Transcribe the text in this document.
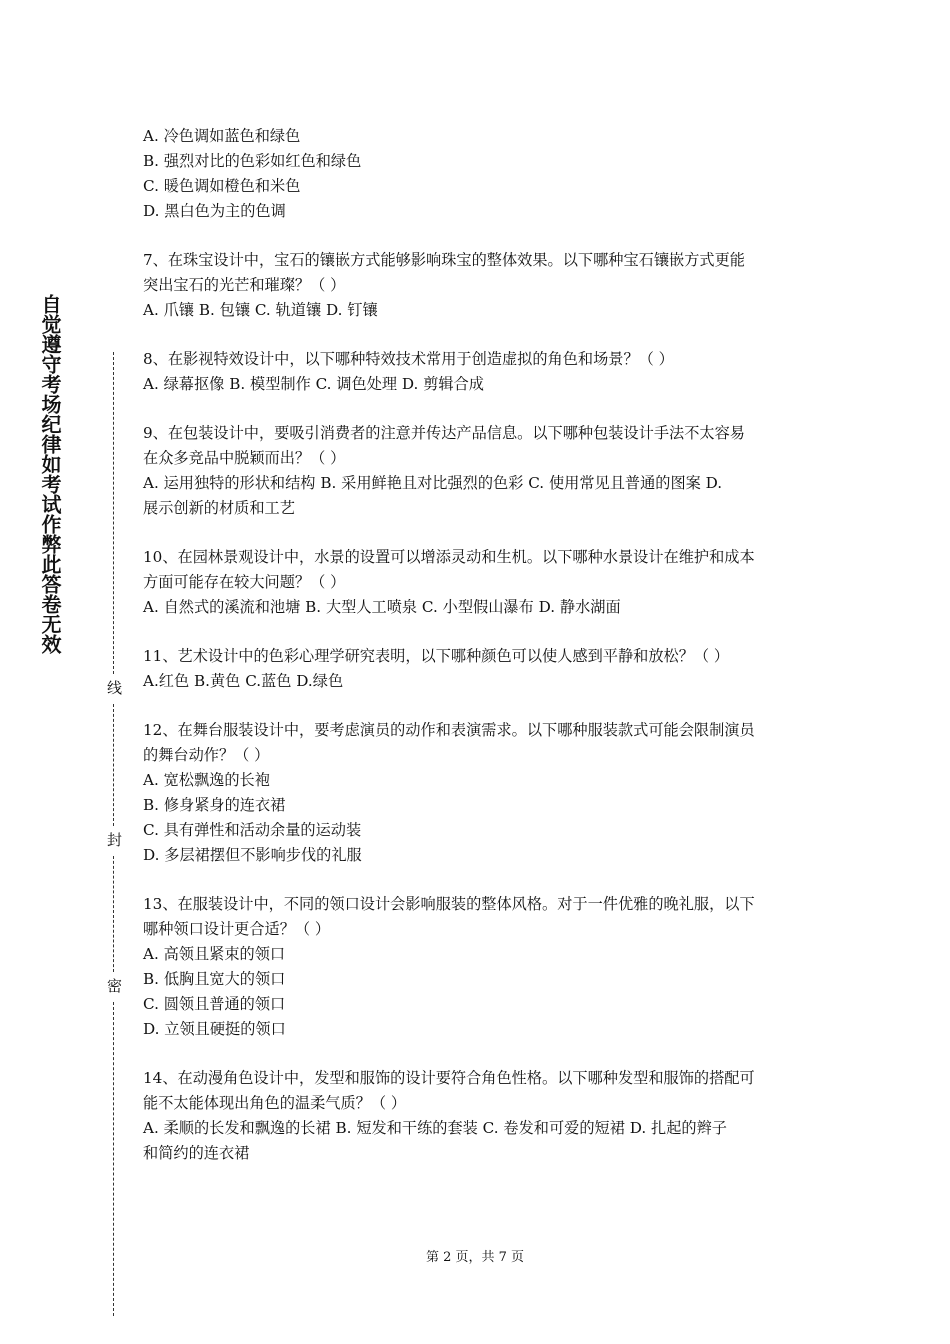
自觉遵守考场纪律如考试作弊此答卷无效
线
封
密

A. 冷色调如蓝色和绿色

B. 强烈对比的色彩如红色和绿色

C. 暖色调如橙色和米色

D. 黑白色为主的色调

7、在珠宝设计中，宝石的镶嵌方式能够影响珠宝的整体效果。以下哪种宝石镶嵌方式更能

突出宝石的光芒和璀璨？（ ）

A. 爪镶 B. 包镶 C. 轨道镶 D. 钉镶

8、在影视特效设计中，以下哪种特效技术常用于创造虚拟的角色和场景？（ ）

A. 绿幕抠像 B. 模型制作 C. 调色处理 D. 剪辑合成

9、在包装设计中，要吸引消费者的注意并传达产品信息。以下哪种包装设计手法不太容易

在众多竞品中脱颖而出？（ ）

A. 运用独特的形状和结构 B. 采用鲜艳且对比强烈的色彩 C. 使用常见且普通的图案 D.

展示创新的材质和工艺

10、在园林景观设计中，水景的设置可以增添灵动和生机。以下哪种水景设计在维护和成本

方面可能存在较大问题？（ ）

A. 自然式的溪流和池塘 B. 大型人工喷泉 C. 小型假山瀑布 D. 静水湖面

11、艺术设计中的色彩心理学研究表明，以下哪种颜色可以使人感到平静和放松？（ ）

A.红色 B.黄色 C.蓝色 D.绿色

12、在舞台服装设计中，要考虑演员的动作和表演需求。以下哪种服装款式可能会限制演员

的舞台动作？（ ）

A. 宽松飘逸的长袍

B. 修身紧身的连衣裙

C. 具有弹性和活动余量的运动装

D. 多层裙摆但不影响步伐的礼服

13、在服装设计中，不同的领口设计会影响服装的整体风格。对于一件优雅的晚礼服，以下

哪种领口设计更合适？（ ）

A. 高领且紧束的领口

B. 低胸且宽大的领口

C. 圆领且普通的领口

D. 立领且硬挺的领口

14、在动漫角色设计中，发型和服饰的设计要符合角色性格。以下哪种发型和服饰的搭配可

能不太能体现出角色的温柔气质？（ ）

A. 柔顺的长发和飘逸的长裙 B. 短发和干练的套装 C. 卷发和可爱的短裙 D. 扎起的辫子

和简约的连衣裙

第 2 页，共 7 页
